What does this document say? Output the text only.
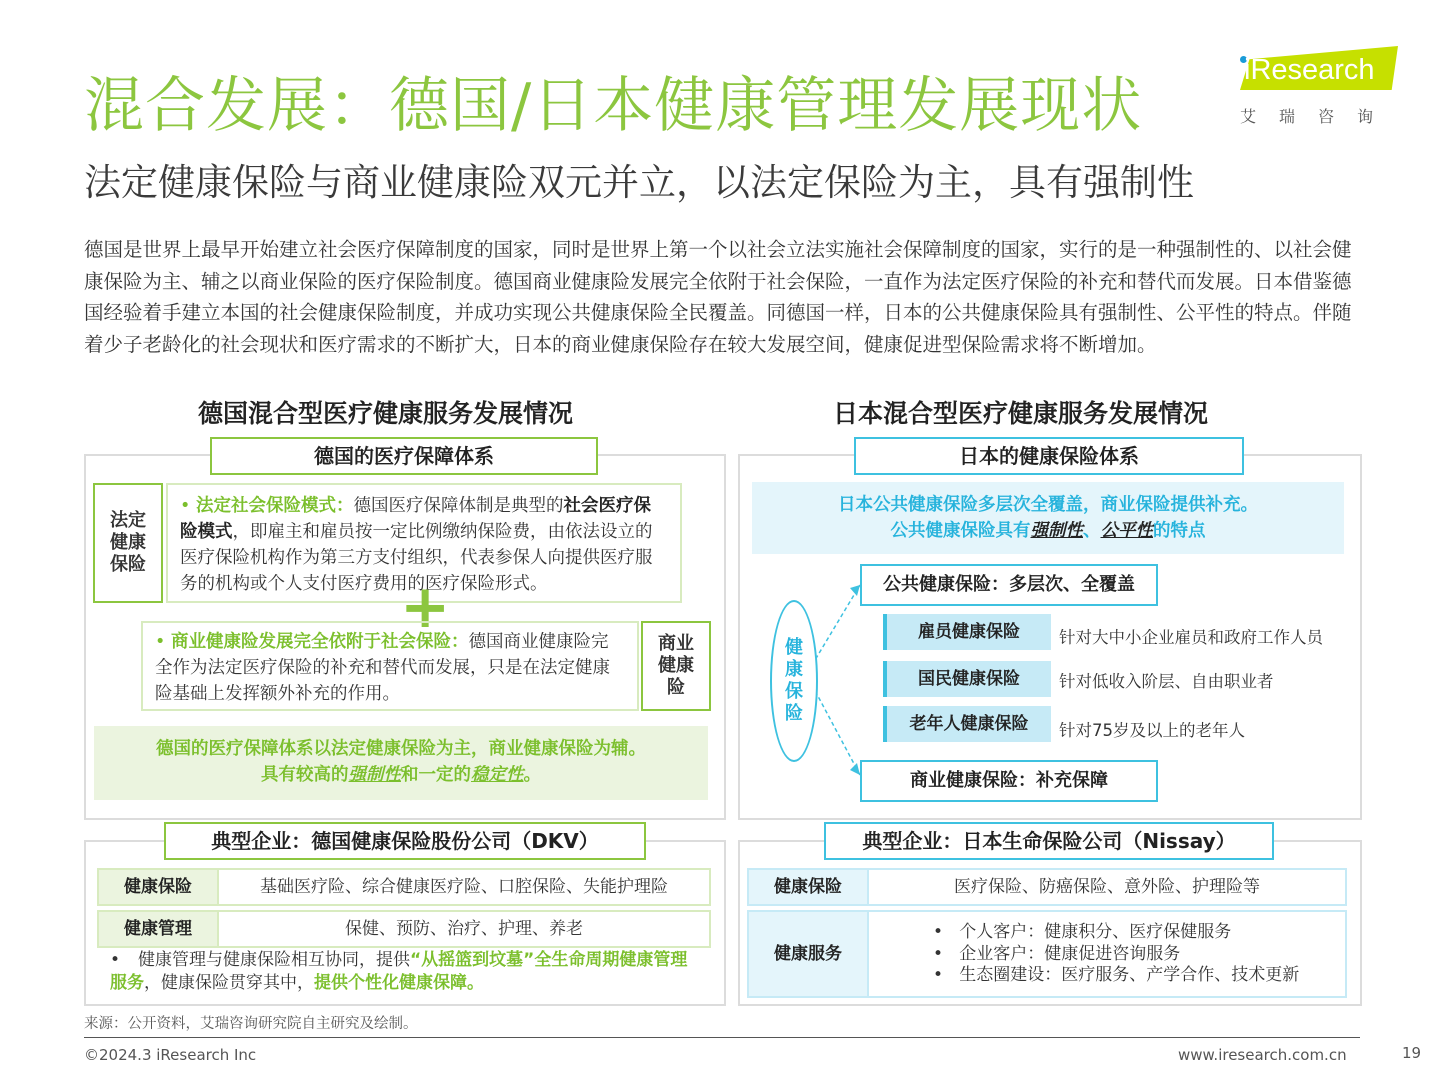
混合发展：德国/日本健康管理发展现状
法定健康保险与商业健康险双元并立，以法定保险为主，具有强制性
iResearch
艾瑞咨询
德国是世界上最早开始建立社会医疗保障制度的国家，同时是世界上第一个以社会立法实施社会保障制度的国家，实行的是一种强制性的、以社会健康保险为主、辅之以商业保险的医疗保险制度。德国商业健康险发展完全依附于社会保险，一直作为法定医疗保险的补充和替代而发展。日本借鉴德国经验着手建立本国的社会健康保险制度，并成功实现公共健康保险全民覆盖。同德国一样，日本的公共健康保险具有强制性、公平性的特点。伴随着少子老龄化的社会现状和医疗需求的不断扩大，日本的商业健康保险存在较大发展空间，健康促进型保险需求将不断增加。
德国混合型医疗健康服务发展情况
德国的医疗保障体系
法定健康保险
• 法定社会保险模式：德国医疗保障体制是典型的社会医疗保险模式，即雇主和雇员按一定比例缴纳保险费，由依法设立的医疗保险机构作为第三方支付组织，代表参保人向提供医疗服务的机构或个人支付医疗费用的医疗保险形式。
+
• 商业健康险发展完全依附于社会保险：德国商业健康险完全作为法定医疗保险的补充和替代而发展，只是在法定健康险基础上发挥额外补充的作用。
商业健康险
德国的医疗保障体系以法定健康保险为主，商业健康保险为辅。
具有较高的强制性和一定的稳定性。
典型企业：德国健康保险股份公司（DKV）
健康保险	基础医疗险、综合健康医疗险、口腔保险、失能护理险
健康管理	保健、预防、治疗、护理、养老
• 健康管理与健康保险相互协同，提供“从摇篮到坟墓”全生命周期健康管理服务，健康保险贯穿其中，提供个性化健康保障。
日本混合型医疗健康服务发展情况
日本的健康保险体系
日本公共健康保险多层次全覆盖，商业保险提供补充。
公共健康保险具有强制性、公平性的特点
健康保险
公共健康保险：多层次、全覆盖
雇员健康保险	针对大中小企业雇员和政府工作人员
国民健康保险	针对低收入阶层、自由职业者
老年人健康保险	针对75岁及以上的老年人
商业健康保险：补充保障
典型企业：日本生命保险公司（Nissay）
健康保险	医疗保险、防癌保险、意外险、护理险等
健康服务
•   个人客户：健康积分、医疗保健服务
•   企业客户：健康促进咨询服务
•   生态圈建设：医疗服务、产学合作、技术更新
来源：公开资料，艾瑞咨询研究院自主研究及绘制。
©2024.3 iResearch Inc	www.iresearch.com.cn	19
